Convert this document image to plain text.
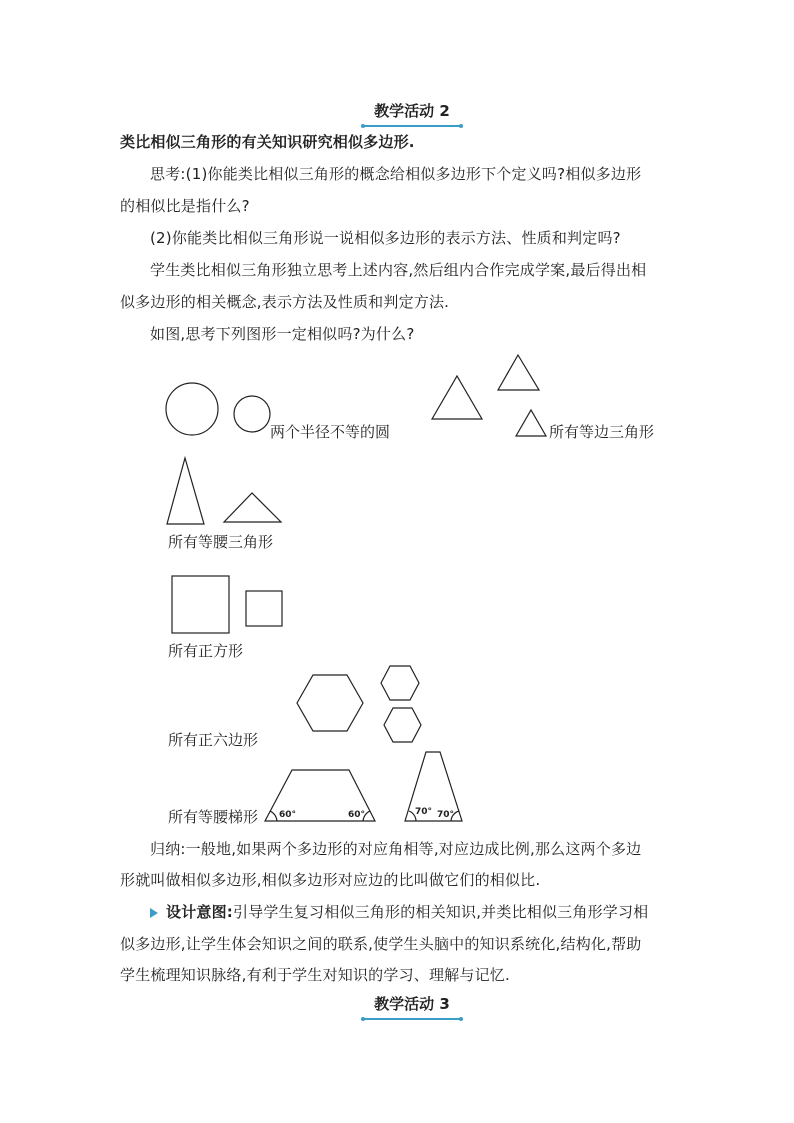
教学活动 2
类比相似三角形的有关知识研究相似多边形.
思考:(1)你能类比相似三角形的概念给相似多边形下个定义吗?相似多边形
的相似比是指什么?
(2)你能类比相似三角形说一说相似多边形的表示方法、性质和判定吗?
学生类比相似三角形独立思考上述内容,然后组内合作完成学案,最后得出相
似多边形的相关概念,表示方法及性质和判定方法.
如图,思考下列图形一定相似吗?为什么?
60°	60°	70° 70°
两个半径不等的圆	所有等边三角形
所有等腰三角形
所有正方形
所有正六边形
所有等腰梯形
归纳:一般地,如果两个多边形的对应角相等,对应边成比例,那么这两个多边
形就叫做相似多边形,相似多边形对应边的比叫做它们的相似比.
设计意图:引导学生复习相似三角形的相关知识,并类比相似三角形学习相
似多边形,让学生体会知识之间的联系,使学生头脑中的知识系统化,结构化,帮助
学生梳理知识脉络,有利于学生对知识的学习、理解与记忆.
教学活动 3
